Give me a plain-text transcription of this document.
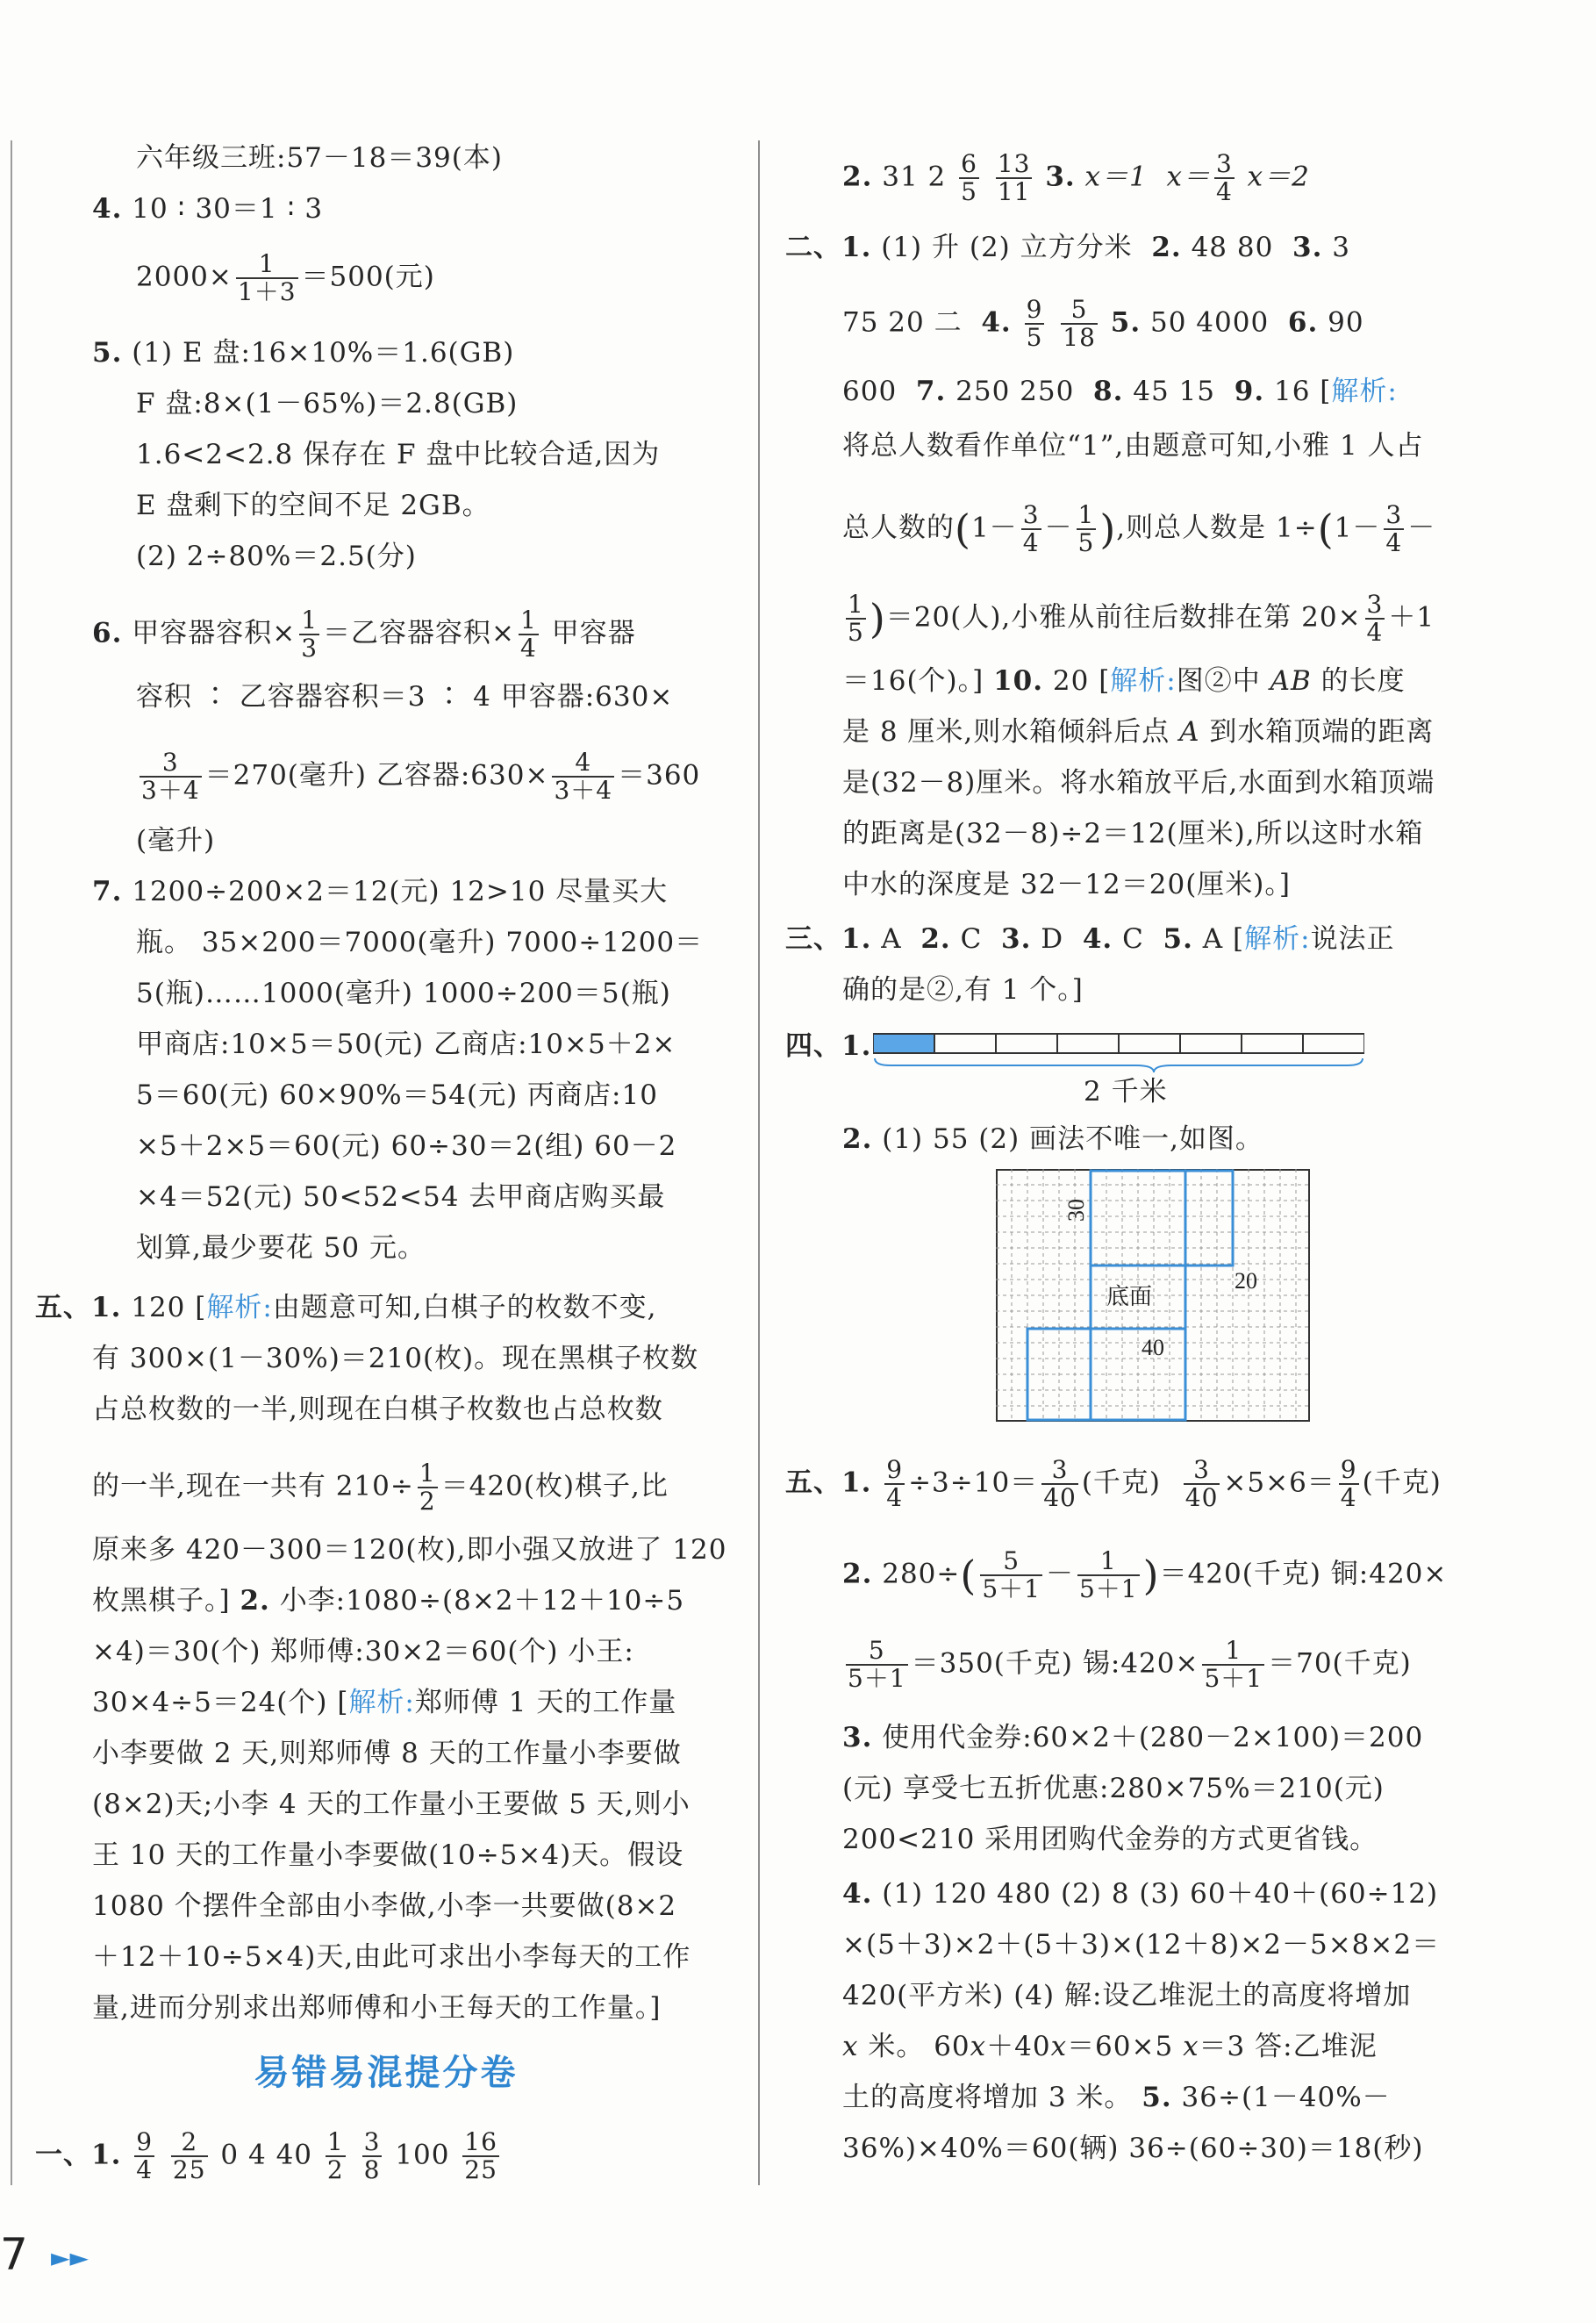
六年级三班:57－18＝39(本)
4. 10 ∶ 30＝1 ∶ 3
$2000\times \frac{1}{1+3} =500$(元)
5. (1) E 盘:16×10%＝1.6(GB)
F 盘:8×(1－65%)＝2.8(GB)
1.6<2<2.8 保存在 F 盘中比较合适,因为
E 盘剩下的空间不足 2GB。
(2) 2÷80%＝2.5(分)
6. 甲容器容积× $\frac{1}{3}$ ＝乙容器容积× $\frac{1}{4}$ 甲容器
容积 ∶ 乙容器容积＝3 ∶ 4 甲容器:630×
$\frac{3}{3+4} =270$(毫升) 乙容器:630× $\frac{4}{3+4} =360$
(毫升)
7. 1200÷200×2＝12(元) 12>10 尽量买大
瓶。 35×200＝7000(毫升) 7000÷1200＝
5(瓶)……1000(毫升) 1000÷200＝5(瓶)
甲商店:10×5＝50(元) 乙商店:10×5＋2×
5＝60(元) 60×90%＝54(元) 丙商店:10
×5＋2×5＝60(元) 60÷30＝2(组) 60－2
×4＝52(元) 50<52<54 去甲商店购买最
划算,最少要花 50 元。
五、1. 120 [解析:由题意可知,白棋子的枚数不变,
有 300×(1－30%)＝210(枚)。现在黑棋子枚数
占总枚数的一半,则现在白棋子枚数也占总枚数
的一半,现在一共有 $210\div \frac{1}{2} =420$(枚)棋子,比
原来多 420－300＝120(枚),即小强又放进了 120
枚黑棋子。] 2. 小李:1080÷(8×2＋12＋10÷5
×4)＝30(个) 郑师傅:30×2＝60(个) 小王:
30×4÷5＝24(个) [解析:郑师傅 1 天的工作量
小李要做 2 天,则郑师傅 8 天的工作量小李要做
(8×2)天;小李 4 天的工作量小王要做 5 天,则小
王 10 天的工作量小李要做(10÷5×4)天。假设
1080 个摆件全部由小李做,小李一共要做(8×2
＋12＋10÷5×4)天,由此可求出小李每天的工作
量,进而分别求出郑师傅和小王每天的工作量。]
易错易混提分卷
一、1. $\frac{9}{4}$
$\frac{2}{25} 0$ 4 $40 \frac{1}{2}$
$\frac{3}{8} 100 \frac{16}{25}$
2. 31 $2 \frac{6}{5}$
$\frac{13}{11} 3$. x＝1 $x= \frac{3}{4} x=2$
二、1. (1) 升 (2) 立方分米 2. 48 80 3. 3
75 20 二 4. $\frac{9}{5}$
$\frac{5}{18} 5$. 50 4000 6. 90
600 7. 250 250 8. 45 15 9. 16 [解析:
将总人数看作单位“1”,由题意可知,小雅 1 人占
总人数的($1- \frac{3}{4} - \frac{1}{5}$ ),则总人数是 $1\div(1- \frac{3}{4}$ －
$\frac{1}{5} )=20$(人),小雅从前往后数排在第 $20\times \frac{3}{4} +1$
＝16(个)。] 10. 20 [解析:图②中 AB 的长度
是 8 厘米,则水箱倾斜后点 A 到水箱顶端的距离
是(32－8)厘米。将水箱放平后,水面到水箱顶端
的距离是(32－8)÷2＝12(厘米),所以这时水箱
中水的深度是 32－12＝20(厘米)。]
三、1. A 2. C 3. D 4. C 5. A [解析:说法正
确的是②,有 1 个。]
四、1.
2 千米
2. (1) 55 (2) 画法不唯一,如图。
30
20
底面
40
五、1. $\frac{9}{4} \div 3\div 10= \frac{3}{40}$ (千克) $\frac{3}{40} \times 5\times 6= \frac{9}{4}$ (千克)
2. $280\div( \frac{5}{5+1} - \frac{1}{5+1} )=420$(千克) 铜:420×
$\frac{5}{5+1} =350$(千克) 锡:420× $\frac{1}{5+1} =70$(千克)
3. 使用代金券:60×2＋(280－2×100)＝200
(元) 享受七五折优惠:280×75%＝210(元)
200<210 采用团购代金券的方式更省钱。
4. (1) 120 480 (2) 8 (3) 60＋40＋(60÷12)
×(5＋3)×2＋(5＋3)×(12＋8)×2－5×8×2＝
420(平方米) (4) 解:设乙堆泥土的高度将增加
x 米。 60x＋40x＝60×5 x＝3 答:乙堆泥
土的高度将增加 3 米。 5. 36÷(1－40%－
36%)×40%＝60(辆) 36÷(60÷30)＝18(秒)
7 ►►
